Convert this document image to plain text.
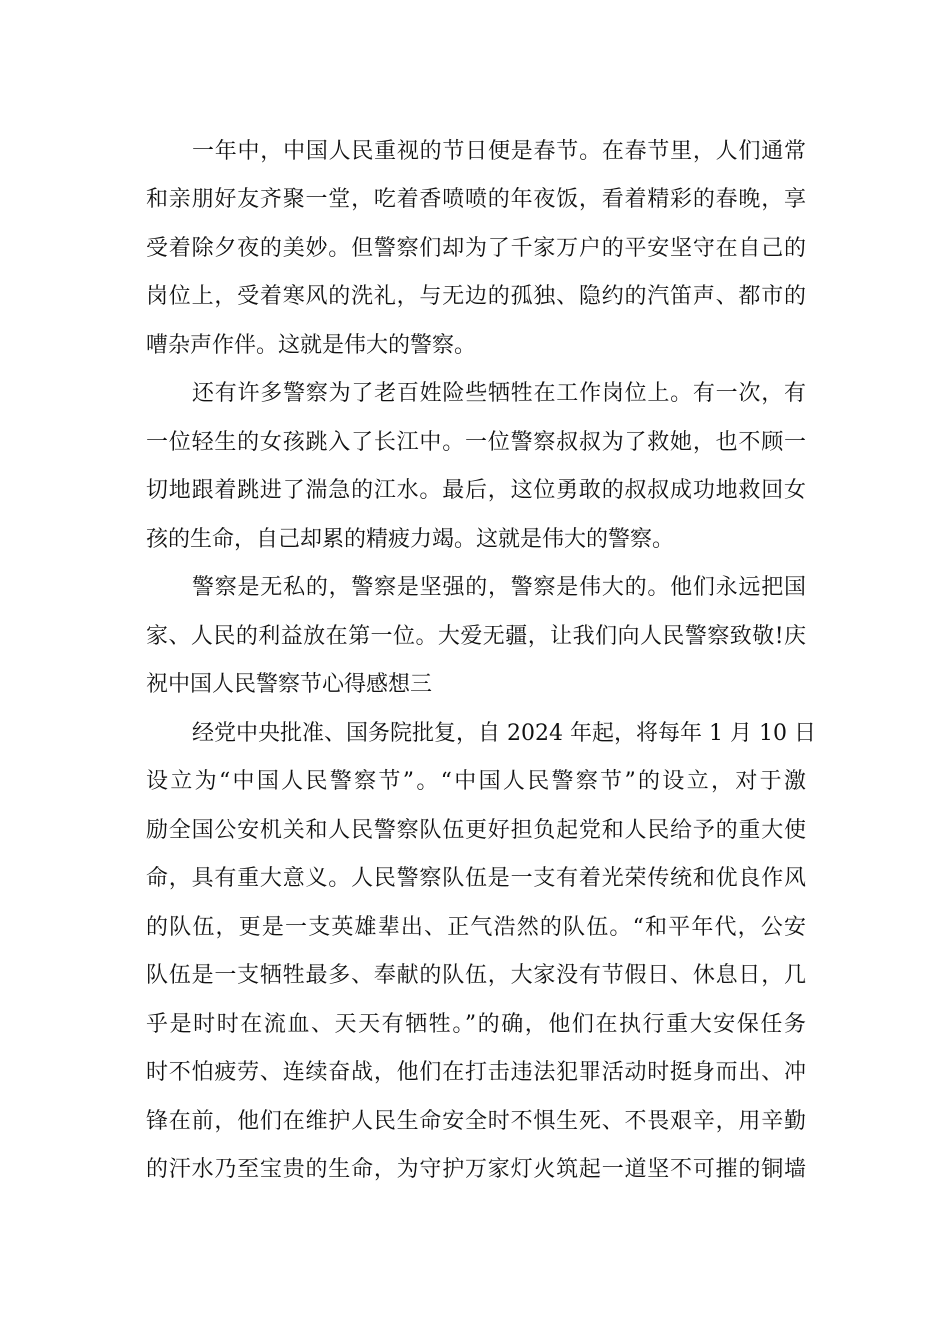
一年中，中国人民重视的节日便是春节。在春节里，人们通常
和亲朋好友齐聚一堂，吃着香喷喷的年夜饭，看着精彩的春晚，享
受着除夕夜的美妙。但警察们却为了千家万户的平安坚守在自己的
岗位上，受着寒风的洗礼，与无边的孤独、隐约的汽笛声、都市的
嘈杂声作伴。这就是伟大的警察。
还有许多警察为了老百姓险些牺牲在工作岗位上。有一次，有
一位轻生的女孩跳入了长江中。一位警察叔叔为了救她，也不顾一
切地跟着跳进了湍急的江水。最后，这位勇敢的叔叔成功地救回女
孩的生命，自己却累的精疲力竭。这就是伟大的警察。
警察是无私的，警察是坚强的，警察是伟大的。他们永远把国
家、人民的利益放在第一位。大爱无疆，让我们向人民警察致敬!庆
祝中国人民警察节心得感想三
经党中央批准、国务院批复，自 2024 年起，将每年 1 月 10 日
设立为“中国人民警察节”。“中国人民警察节”的设立，对于激
励全国公安机关和人民警察队伍更好担负起党和人民给予的重大使
命，具有重大意义。人民警察队伍是一支有着光荣传统和优良作风
的队伍，更是一支英雄辈出、正气浩然的队伍。“和平年代，公安
队伍是一支牺牲最多、奉献的队伍，大家没有节假日、休息日，几
乎是时时在流血、天天有牺牲。”的确，他们在执行重大安保任务
时不怕疲劳、连续奋战，他们在打击违法犯罪活动时挺身而出、冲
锋在前，他们在维护人民生命安全时不惧生死、不畏艰辛，用辛勤
的汗水乃至宝贵的生命，为守护万家灯火筑起一道坚不可摧的铜墙
